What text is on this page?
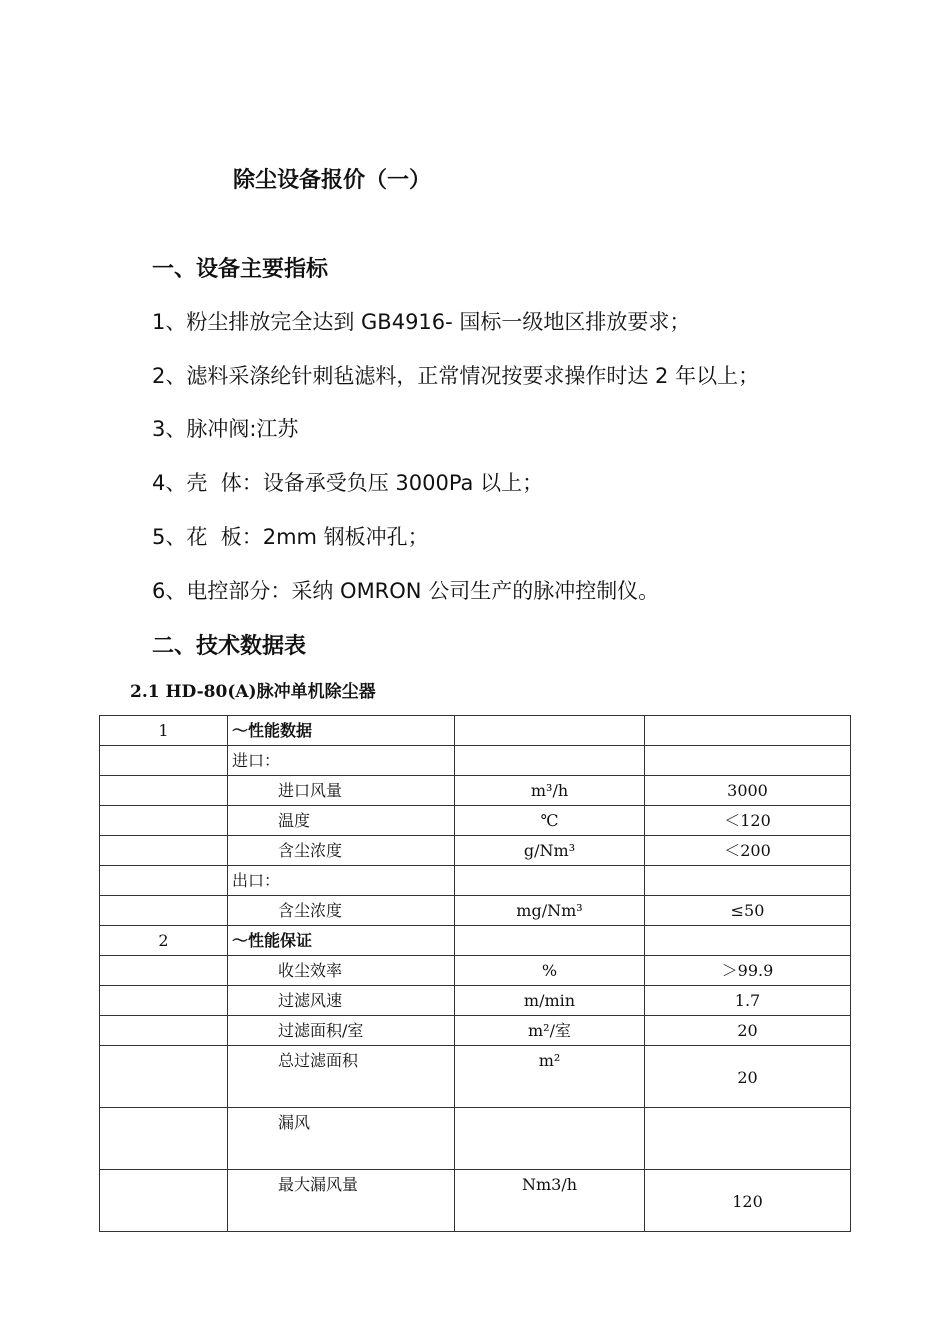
除尘设备报价（一）
一、设备主要指标
1、粉尘排放完全达到 GB4916- 国标一级地区排放要求；
2、滤料采涤纶针刺毡滤料，正常情况按要求操作时达 2 年以上；
3、脉冲阀:江苏
4、壳  体：设备承受负压 3000Pa 以上；
5、花  板：2mm 钢板冲孔；
6、电控部分：采纳 OMRON 公司生产的脉冲控制仪。
二、技术数据表
2.1 HD-80(A)脉冲单机除尘器
1	～性能数据		
	进口：		
	进口风量	m³/h	3000
	温度	℃	＜120
	含尘浓度	g/Nm³	＜200
	出口：		
	含尘浓度	mg/Nm³	≤50
2	～性能保证		
	收尘效率	%	＞99.9
	过滤风速	m/min	1.7
	过滤面积/室	m²/室	20
	总过滤面积	m²	20

	漏风		
	最大漏风量	Nm3/h	120
